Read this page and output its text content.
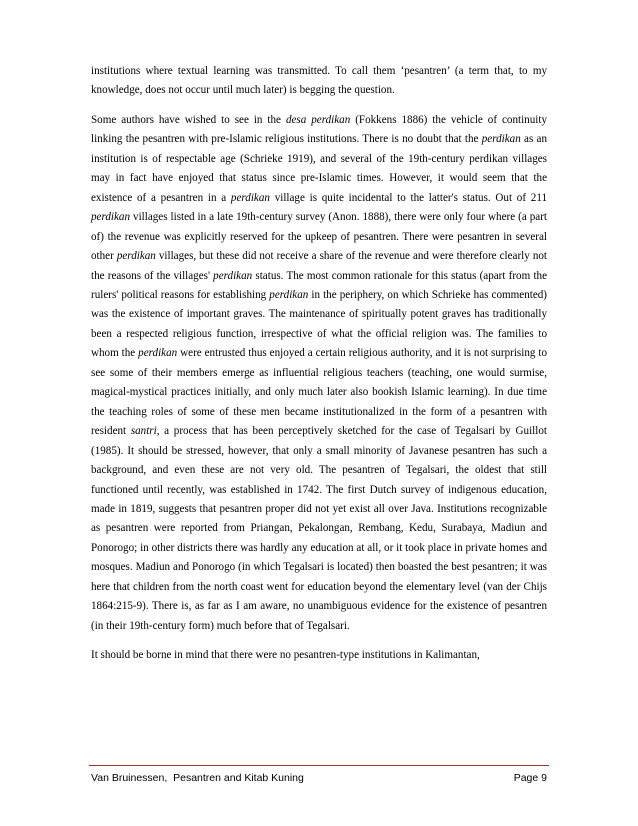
institutions where textual learning was transmitted. To call them ‘pesantren’ (a term that, to my knowledge, does not occur until much later) is begging the question.

Some authors have wished to see in the desa perdikan (Fokkens 1886) the vehicle of continuity linking the pesantren with pre-Islamic religious institutions. There is no doubt that the perdikan as an institution is of respectable age (Schrieke 1919), and several of the 19th-century perdikan villages may in fact have enjoyed that status since pre-Islamic times. However, it would seem that the existence of a pesantren in a perdikan village is quite incidental to the latter's status. Out of 211 perdikan villages listed in a late 19th-century survey (Anon. 1888), there were only four where (a part of) the revenue was explicitly reserved for the upkeep of pesantren. There were pesantren in several other perdikan villages, but these did not receive a share of the revenue and were therefore clearly not the reasons of the villages' perdikan status. The most common rationale for this status (apart from the rulers' political reasons for establishing perdikan in the periphery, on which Schrieke has commented) was the existence of important graves. The maintenance of spiritually potent graves has traditionally been a respected religious function, irrespective of what the official religion was. The families to whom the perdikan were entrusted thus enjoyed a certain religious authority, and it is not surprising to see some of their members emerge as influential religious teachers (teaching, one would surmise, magical-mystical practices initially, and only much later also bookish Islamic learning). In due time the teaching roles of some of these men became institutionalized in the form of a pesantren with resident santri, a process that has been perceptively sketched for the case of Tegalsari by Guillot (1985). It should be stressed, however, that only a small minority of Javanese pesantren has such a background, and even these are not very old. The pesantren of Tegalsari, the oldest that still functioned until recently, was established in 1742. The first Dutch survey of indigenous education, made in 1819, suggests that pesantren proper did not yet exist all over Java. Institutions recognizable as pesantren were reported from Priangan, Pekalongan, Rembang, Kedu, Surabaya, Madiun and Ponorogo; in other districts there was hardly any education at all, or it took place in private homes and mosques. Madiun and Ponorogo (in which Tegalsari is located) then boasted the best pesantren; it was here that children from the north coast went for education beyond the elementary level (van der Chijs 1864:215-9). There is, as far as I am aware, no unambiguous evidence for the existence of pesantren (in their 19th-century form) much before that of Tegalsari.

It should be borne in mind that there were no pesantren-type institutions in Kalimantan,

Van Bruinessen,  Pesantren and Kitab Kuning	Page 9
